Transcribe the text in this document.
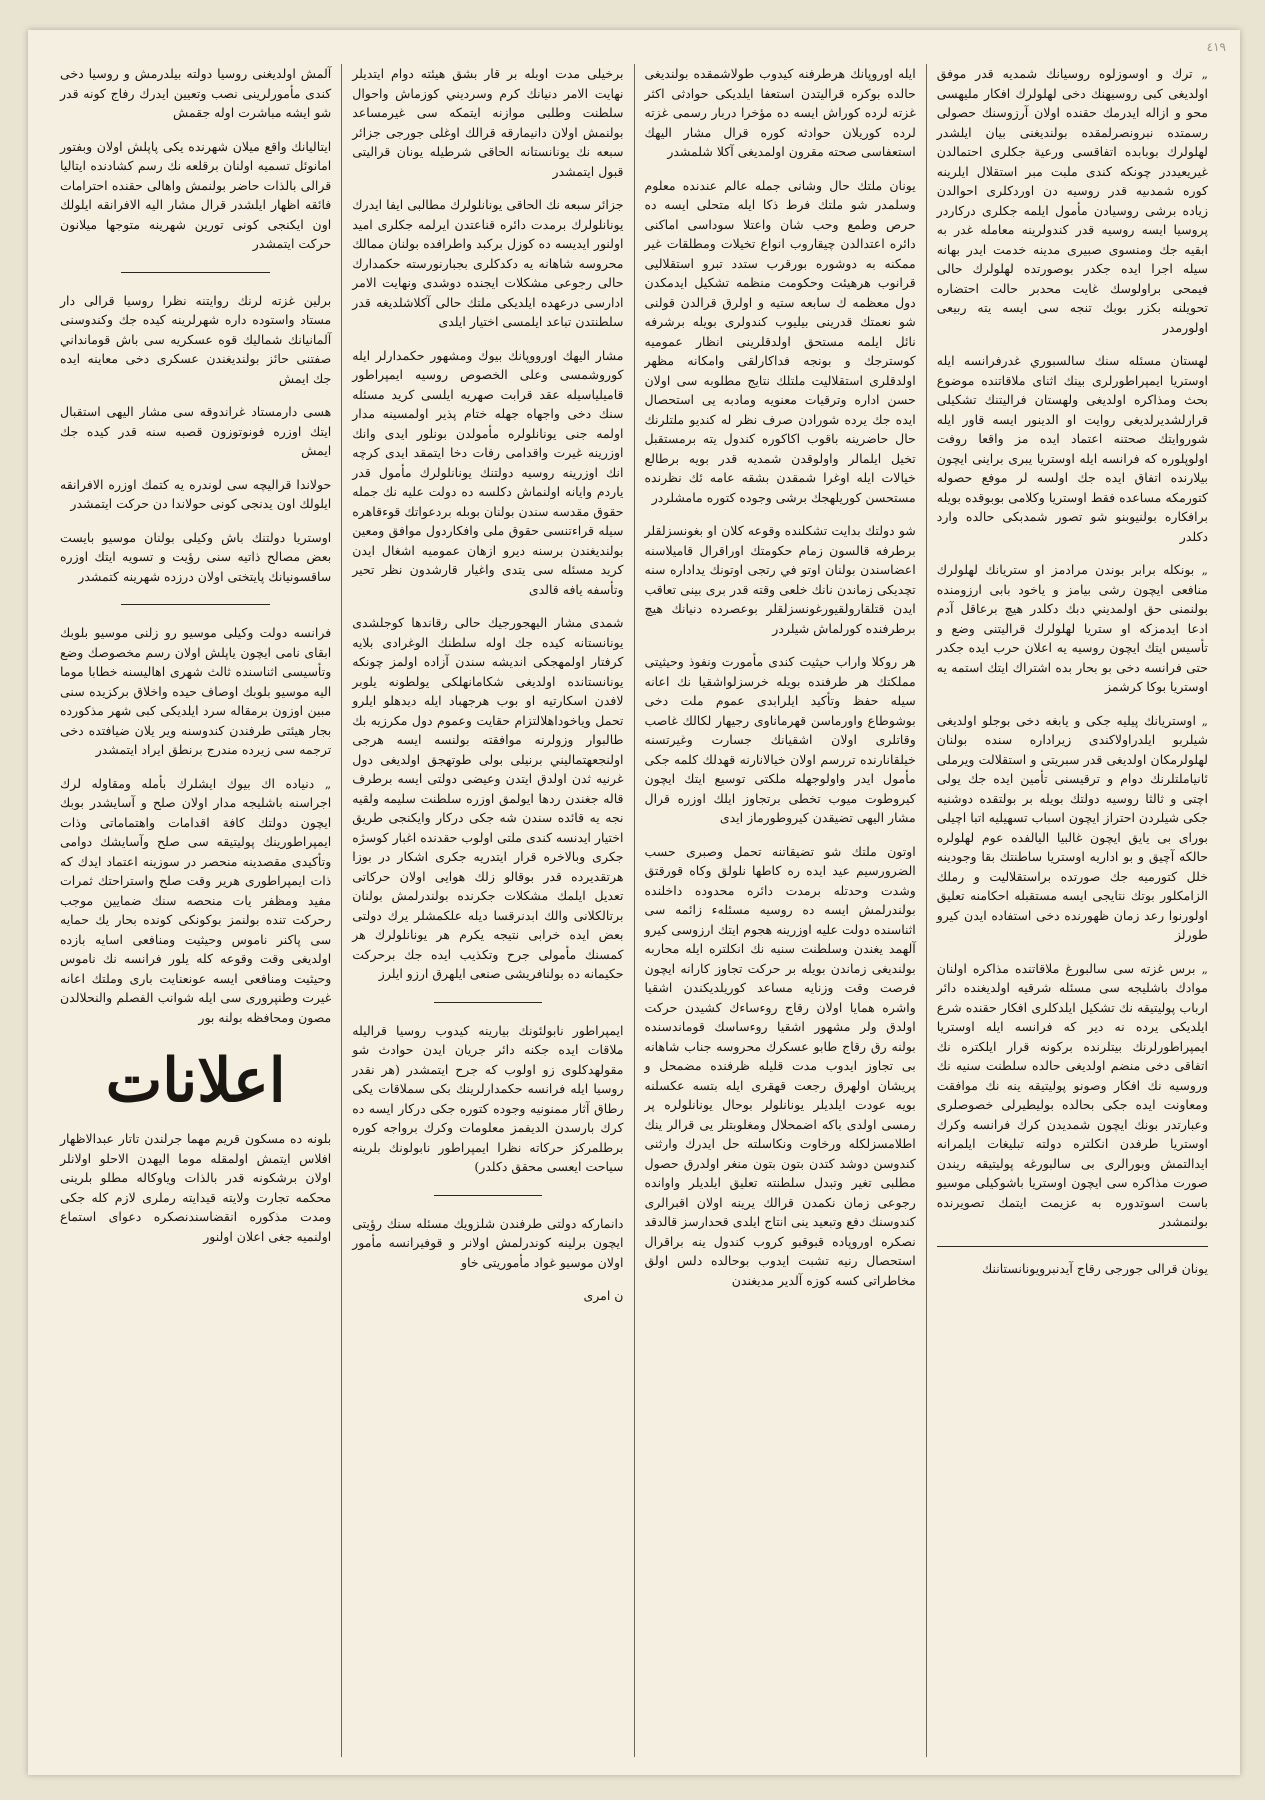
٤١٩

„ ترك و اوسوزلوه روسيانك شمديه قدر موفق اولديغى كبى روسيهنك دخى لهلولرك افكار مليهسى محو و ازاله ايدرمك حقنده اولان آرزوسنك حصولى رسمتده نبرونصرلمقده بولنديغنى بيان ايلشدر لهلولرك بوبابده اتفاقسى ورعية جكلرى احتمالدن غيريعيددر چونكه كندى ملبت مبر استقلال ايلرينه كوره شمدىيه قدر روسيه دن اوردكلرى احوالدن زياده برشى روسيادن مأمول ايلمه جكلرى دركاردر پروسيا ايسه روسيه قدر كندولرينه معامله غدر به ابقيه جك ومنسوى صبيرى مدينه خدمت ايدر بهانه سيله اجرا ايده جكدر بوصورتده لهلولرك حالى فيمحى براولوسك غايت محدبر حالت احتضاره تحويلنه بكزر بوبك تنجه سى ايسه يته ربيعى اولورمدر

لهستان مسئله سنك سالسبوري غدرفرانسه ايله اوستريا ايمپراطورلرى بينك اثناى ملاقاتنده موضوع بحث ومذاكره اولديغى ولهستان فراليتنك تشكيلى قرارلشديرلديغى روايت او الدينور ايسه قاور ايله شوروايتك صحتنه اعتماد ايده مز واقعا روفت اولوپلوره كه فرانسه ايله اوستريا يبرى براينى ايچون بيلارنده اتفاق ايده جك اولسه لر موفع حصوله كتورمكه مساعده فقط اوستريا وكلامى بوبوقده بويله برافكاره بولنيوبنو شو تصور شمدبكى حالده وارد دكلدر

„ بونكله برابر بوندن مرادمز او ستريانك لهلولرك منافعى ايچون رشى بيامز و ياخود بابى ارزومنده بولنمنى حق اولمديني دبك دكلدر هيچ برعاقل آدم ادعا ايدمزكه او ستريا لهلولرك قراليتنى وضع و تأسيس ايتك ايچون روسيه يه اعلان حرب ايده جكدر حتى فرانسه دخى بو بحار بده اشتراك ايتك استمه يه اوستريا بوكا كرشمز

„ اوستريانك پيليه جكى و يابغه دخى بوجلو اولديغى شيلربو ايلدراولاكندى زيراداره سنده بولنان لهلولرمكان اولديغى قدر سبريتى و استقلالت ويرملى ئانياملتلرنك دوام و ترقيسنى تأمين ايده جك يولى اچتى و ثالثا روسيه دولتك بويله بر بولتقده دوشنيه جكى شيلردن احتراز ايچون اسباب تسهيليه اتبا اچيلى بوراى بى يايق ايچون غالبيا اليالفده عوم لهلولره حالكه آچيق و بو اداريه اوستريا ساطنتك بقا وجودينه خلل كتورميه جك صورتده براستقلاليت و رملك الزامكلور بوتك نتايجى ايسه مستقبله احكامنه تعليق اولورنوا رعد زمان ظهورنده دخى استفاده ايدن كيرو طورلز

„ برس غزته سى سالبورغ ملاقاتنده مذاكره اولنان موادك باشليجه سى مسئله شرقيه اولديغنده دائر ارباب پوليتيقه نك تشكيل ايلدكلرى افكار حقنده شرع ايلديكى يرده نه دير كه فرانسه ايله اوستريا ايمپراطورلرنك بيتلرنده بركونه قرار ايلكتره نك اتفاقى دخى منضم اولديغى حالده سلطنت سنيه نك وروسيه نك افكار وصونو پوليتيقه ينه نك موافقت ومعاونت ايده جكى بحالده بوليطيرلى خصوصلرى وعبارتدر بونك ايچون شمديدن كرك فرانسه وكرك اوستريا طرفدن انكلتره دولته تبليغات ايلمرانه ايدالتمش وبورالرى بى سالبورغه پوليتيقه ريندن صورت مذاكره سى ايچون اوستريا باشوكيلى موسيو باست اسوتدوره به عزيمت ايتمك تصويرنده بولنمشدر

يونان قرالى جورجى رقاج آيدنبرويونانستاننك

ايله اوروپانك هرطرفنه كيدوب طولاشمقده بولنديغى حالده بوكره قراليتدن استعفا ايلديكى حوادثى اكثر غزته لرده كوراش ايسه ده مؤخرا دربار رسمى غزته لرده كوريلان حوادثه كوره قرال مشار اليهك استعفاسى صحته مقرون اولمديغى آكلا شلمشدر

يونان ملتك حال وشانى جمله عالم عندنده معلوم وسلمدر شو ملتك فرط ذكا ايله متحلى ايسه ده حرص وطمع وحب شان واعتلا سوداسى اماكنى دائره اعتدالدن چيقاروب انواع تخيلات ومطلقات غير ممكنه به دوشوره بورقرب ستدد تبرو استقلاليى قرانوب هرهيئت وحكومت منظمه تشكيل ايدمكدن دول معظمه ك سابعه ستيه و اولرق قرالدن قولنى شو نعمتك قدرينى بيليوب كندولرى بويله برشرفه نائل ايلمه مستحق اولدقلرينى انظار عموميه كوسترجك و بونجه فداكارلقى وامكانه مظهر اولدقلرى استقلاليت ملتلك نتايج مطلوبه سى اولان حسن اداره وترقيات معنويه ومادبه يى استحصال ايده جك يرده شورادن صرف نظر له كنديو ملتلرنك حال حاضرينه باقوب اكاكوره كندول يته برمستقبل تخيل ايلمالر واولوقدن شمديه قدر بويه برطالع خيالات ايله اوغرا شمقدن بشقه عامه ئك نظرنده مستحسن كوريلهجك برشى وجوده كتوره مامشلردر

شو دولتك بدايت تشكلنده وقوعه كلان او بغونسزلقلر برطرفه قالسون زمام حكومتك اوراقرال قاميلاسنه اعضاسندن بولنان اوتو في رتجى اوتونك يداداره سنه تچديكى زماندن نانك خلعى وقته قدر برى بينى تعاقب ايدن قتلقارولقيورغونسزلقلر بوعصرده دنيانك هيچ برطرفنده كورلماش شيلردر

هر روكلا واراب حيثيت كندى مأمورت ونفوذ وحيثيتى مملكتك هر طرفنده بويله خرسزلواشقيا نك اعانه سيله حفظ وتأكيد ايلرابدى عموم ملت دخى بوشوطاع واورماسن قهرماناوى رجيهار لكالك غاصب وقاتلرى اولان اشقيانك جسارت وغيرتسنه خيلقانارنده تررسم اولان خيالانارنه قهدلك كلمه جكى مأمول ايدر واولوجهله ملكتى توسيع ايتك ايچون كيروطوت ميوب تخطى برتجاوز ايلك اوزره قرال مشار اليهى تضيقدن كيروطورماز ايدى

اوتون ملتك شو تضيقاتنه تحمل وصبرى حسب الضرورسيم عيد ايده ره كاطها نلولق وكاه قورقتق وشدت وحدتله برمدت دائره محدوده داخلنده بولندرلمش ايسه ده روسيه مسئلهء زائمه سى اثناسنده دولت عليه اوزرينه هجوم ايتك ارزوسى كيرو آلهمد يغندن وسلطنت سنيه نك انكلتره ايله محاربه بولنديغى زماندن بويله بر حركت تجاوز كارانه ايچون فرصت وقت وزنايه مساعد كوريلديكندن اشقيا واشره همايا اولان رقاج روءساءك كشيدن حركت اولدق ولر مشهور اشقيا روءساسك قوماندسنده بولنه رق رقاج طابو عسكرك محروسه جناب شاهانه بى تجاوز ايدوب مدت قليله ظرفنده مضمحل و پريشان اولهرق رجعت قهقرى ايله بتسه عكسلنه بويه عودت ايلديلر يونانلولر بوحال يونانلولره پر رمسى اولدى باكه اضمحلال ومغلوبتلر يى قرالر ينك اطلامسزلكله ورخاوت ونكاسلته حل ايدرك وارثنى كندوسن دوشد كتدن بتون بتون منغر اولدرق حصول مطلبى تغير وتبدل سلطنته تعليق ايلديلر واوانده رجوعى زمان نكمدن قرالك يرينه اولان اقبرالرى كندوسنك دفع وتبعيد ينى انتاج ايلدى قحدارسز قالدقد نصكره اوروپاده قبوقبو كروب كندول ينه براقرال استحصال رنيه تشبت ايدوب بوحالده دلس اولق مخاطراتى كسه كوزه آلدير مديغندن

برخيلى مدت اوبله بر قار بشق هيئته دوام ايتديلر نهايت الامر دنيانك كرم وسرديني كوزماش واحوال سلطنت وطلبى موازنه ايتمكه سى غيرمساعد بولنمش اولان دانيمارقه قرالك اوغلى جورجى جزائر سبعه نك يونانستانه الحاقى شرطيله يونان قراليتى قبول ايتمشدر

جزائر سبعه نك الحاقى يونانلولرك مطالبى ايفا ايدرك يونانلولرك برمدت دائره قناعتدن ايرلمه جكلرى اميد اولنور ايديسه ده كوزل بركبد واطرافده بولنان ممالك محروسه شاهانه يه دكدكلرى بجبارنورسته حكمدارك حالى رجوعى مشكلات ايجنده دوشدى ونهايت الامر ادارسى درعهده ايلديكى ملتك حالى آكلاشلديغه قدر سلطنتدن تباعد ايلمسى اختيار ايلدى

مشار اليهك اورووپانك بيوك ومشهور حكمدارلر ايله كوروشمسى وعلى الخصوص روسيه ايمپراطور قاميلياسيله عقد قرابت صهريه ايلسى كريد مسئله سنك دخى واجهاه جهله ختام پذير اولمسينه مدار اولمه جنى يونانلولره مأمولدن بونلور ايدى وانك اوزرينه غيرت واقدامى رفات دخا ايتمقد ايدى كرچه انك اوزرينه روسيه دولتنك يونانلولرك مأمول قدر ياردم وايانه اولنماش دكلسه ده دولت عليه نك جمله حقوق مقدسه سندن بولنان بوبله بردعواتك قوءقاهره سيله قراءتنسى حقوق ملى وافكاردول موافق ومعين بولنديغندن برسنه ديرو ازهان عموميه اشغال ايدن كريد مسئله سى يتدى واغيار قارشدون نظر تحير وتأسفه يافه قالدى

شمدى مشار اليهجورجيك حالى رقاندها كوجلشدى يونانستانه كيده جك اوله سلطنك الوغرادى بلايه كرفتار اولمهجكى انديشه سندن آزاده اولمز چونكه يونانستانده اولديغى شكامانهلكى يولطونه يلوبر لافدن اسكارتيه او بوب هرجهباد ايله ديدهلو ايلرو تحمل وياخوداهلالتزام حقايت وعموم دول مكرزيه بك طالبوار وزولرنه موافقته بولنسه ايسه هرجى اولنجعهتماليني برنيلى بولى طوتهجق اولديغى دول غرنيه ثدن اولدق ايتدن وعيضى دولتى ايسه برطرف قاله جغندن ردها ايولمق اوزره سلطنت سليمه ولقيه نجه يه قائده سندن شه جكى دركار وايكنجى طريق اختيار ايدنسه كندى ملتى اولوب حقدنده اغبار كوسژه جكرى وبالاخره قرار ايتدريه جكرى اشكار در بوزا هرتقديرده قدر بوقالو زلك هوايى اولان حركاتى تعديل ايلمك مشكلات جكرنده بولندرلمش بولنان برتالكلانى والك ابدنرقسا ديله علكمشلر يرك دولتى بعض ايده خرابى نتيجه يكرم هر يونانلولرك هر كمسنك مأمولى جرح وتكذيب ايده جك برحركت حكيمانه ده بولنافريشى صنعى ايلهرق ارزو ايلرز

ايمپراطور نابولئونك بيارينه كيدوب روسيا قراليله ملاقات ايده جكنه دائر جريان ايدن حوادث شو مقولهدكلوى زو اولوب كه جرح ايتمشدر (هر نقدر روسيا ايله فرانسه حكمدارلرينك بكى سملاقات يكى رطاق آثار ممنونيه وجوده كتوره جكى دركار ايسه ده كرك بارسدن الديفمز معلومات وكرك برواجه كوره برطلمركز حركاته نظرا ايمپراطور نابولونك بلرينه سياحت ايعسى محقق دكلدر)

دانماركه دولتى طرفندن شلزويك مسئله سنك رؤيتى ايچون برلينه كوندرلمش اولانر و قوفيرانسه مأمور اولان موسيو غواد مأموريتى خاو

ن امرى

آلمش اولديغنى روسيا دولته بيلدرمش و روسيا دخى كندى مأمورلرينى نصب وتعيين ايدرك رفاج كونه قدر شو ايشه مباشرت اوله جقمش

ايتاليانك واقع ميلان شهرنده يكى پاپلش اولان وبفتور امانوئل تسميه اولنان برقلعه نك رسم كشادنده ايتاليا قرالى بالذات حاضر بولنمش واهالى حقنده احترامات فائقه اظهار ايلشدر قرال مشار اليه الافرانقه ايلولك اون ايكنجى كونى تورين شهرينه متوجها ميلانون حركت ايتمشدر

برلين غزته لرنك روايتنه نظرا روسيا قرالى دار مستاد واستوده داره شهرلرينه كيده جك وكندوسنى آلمانيانك شماليك قوه عسكريه سى باش قومانداني صفتنى حائز بولنديغندن عسكرى دخى معاينه ايده جك ايمش

هسى دارمستاد غراندوقه سى مشار اليهى استقبال ايتك اوزره فونوتوزون قصبه سنه قدر كيده جك ايمش

حولاندا قراليچه سى لوندره يه كتمك اوزره الافرانقه ايلولك اون يدنجى كونى حولاندا دن حركت ايتمشدر

اوستريا دولتنك باش وكيلى بولنان موسيو بايست بعض مصالح ذاتيه سنى رؤيت و تسويه ايتك اوزره ساقسونيانك پايتختى اولان درزده شهرينه كتمشدر

فرانسه دولت وكيلى موسيو رو زلنى موسيو بلوبك ابقاى نامى ايچون ياپلش اولان رسم مخصوصك وضع وتأسيسى اثناسنده ثالث شهرى اهاليسنه خطابا موما اليه موسيو بلوبك اوصاف حيده واخلاق بركزيده سنى مبين اوزون برمقاله سرد ايلديكى كبى شهر مذكورده بجار هيئتى طرفندن كندوسنه وير يلان ضيافتده دخى ترجمه سى زيرده مندرج برنطق ايراد ايتمشدر

„ دنياده اك بيوك ايشلرك بأمله ومقاوله لرك اجراسنه باشليجه مدار اولان صلح و آسايشدر بوبك ايچون دولتك كافة اقدامات واهتماماتى وذات ايمپراطورينك پوليتيقه سى صلح وآسايشك دوامى وتأكيدى مقصدينه منحصر در سوزينه اعتماد ايدك كه ذات ايمپراطوری هرير وقت صلح واستراحتك ثمرات مفيد ومظفر يات منحصه سنك ضمايين موجب رحركت تنده بولنمز بوكونكى كونده بحار يك حمايه سى پاكنر ناموس وحيثيت ومنافعى اسايه بازده اولديغى وقت وقوعه كله يلور فرانسه نك ناموس وحيثيت ومنافعى ايسه عونعنايت بارى وملتك اعانه غيرت وطنپرورى سى ايله شوانب الفصلم والنحلالدن مصون ومحافظه بولنه بور

اعلانات
بلونه ده مسكون قريم مهما جرلندن تاتار عبدالاظهار افلاس ايتمش اولمقله موما اليهدن الاحلو اولانلر اولان برشكونه قدر بالذات وياوكاله مطلو بلرينى محكمه تجارت ولايته قيدايته رملرى لازم كله جكى ومدت مذكوره انقضاسندنصكره دعواى استماع اولنميه جغى اعلان اولنور
